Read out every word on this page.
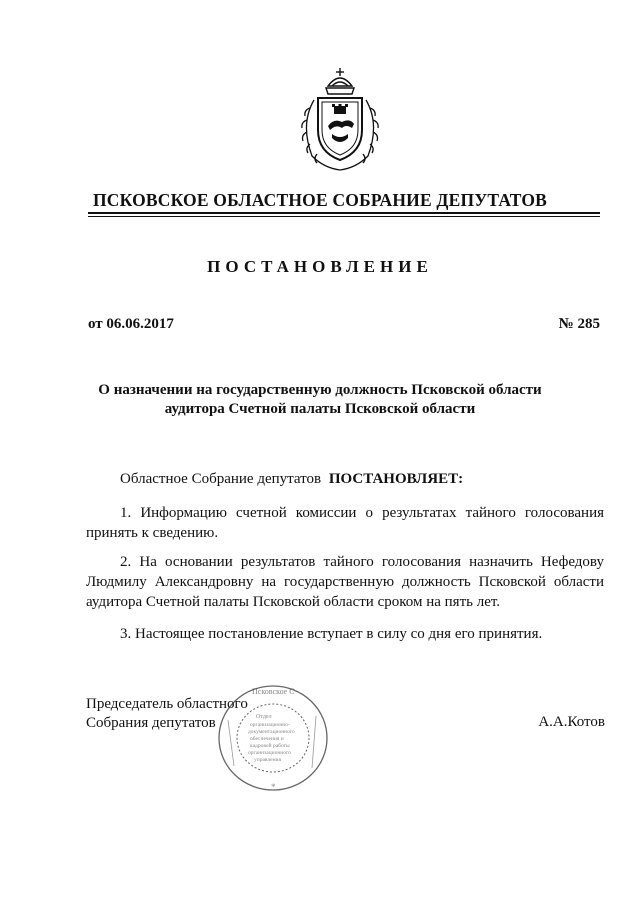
ПСКОВСКОЕ ОБЛАСТНОЕ СОБРАНИЕ ДЕПУТАТОВ
ПОСТАНОВЛЕНИЕ
от 06.06.2017	№ 285
О назначении на государственную должность Псковской области
аудитора Счетной палаты Псковской области
Областное Собрание депутатов ПОСТАНОВЛЯЕТ:
1. Информацию счетной комиссии о результатах тайного голосования принять к сведению.
2. На основании результатов тайного голосования назначить Нефедову Людмилу Александровну на государственную должность Псковской области аудитора Счетной палаты Псковской области сроком на пять лет.
3. Настоящее постановление вступает в силу со дня его принятия.
Председатель областного
Собрания депутатов
Псковское С
Отдел
организационно-
документационного
обеспечения и
кадровой работы
организационного
управления
*
А.А.Котов
